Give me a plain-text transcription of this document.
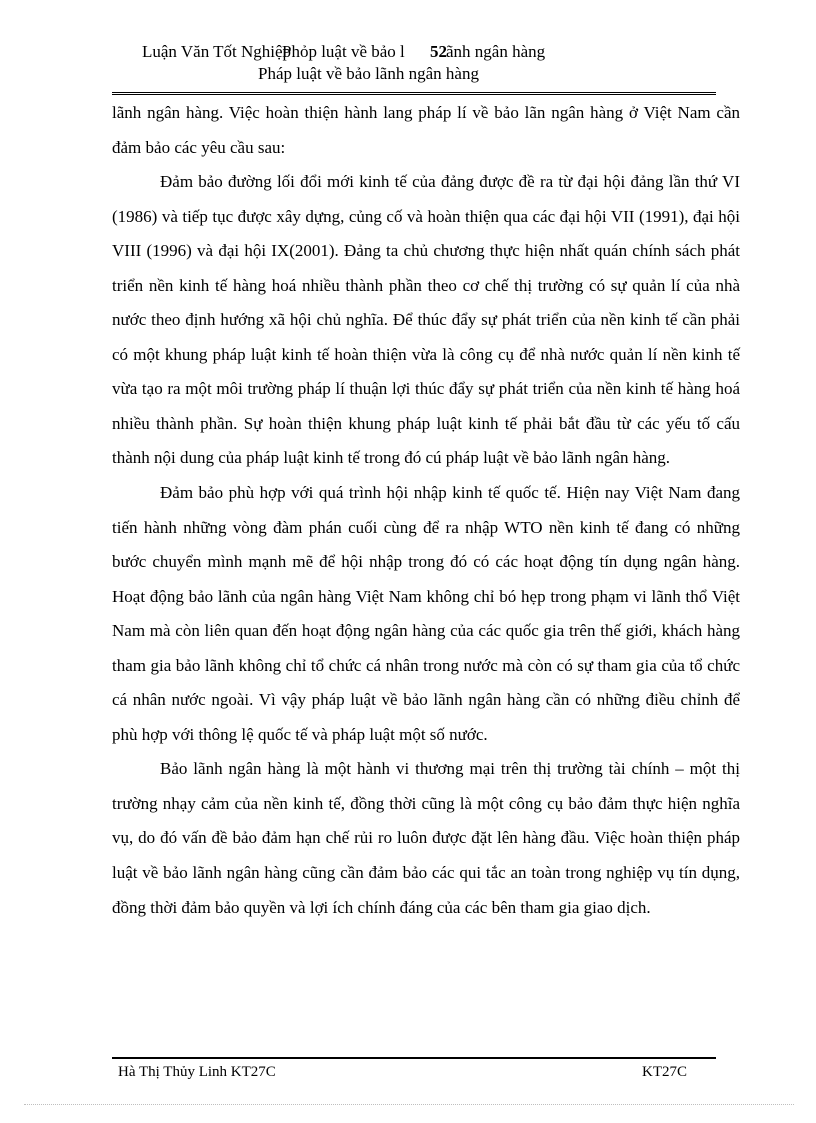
Luận Văn Tốt Nghiệp
Phỏp luật về bảo l 52 ãnh ngân hàng
Pháp luật về bảo lãnh ngân hàng

lãnh ngân hàng. Việc hoàn thiện hành lang pháp lí về bảo lãn ngân hàng ở Việt Nam cần đảm bảo các yêu cầu sau:

Đảm bảo đường lối đổi mới kinh tế của đảng được đề ra từ đại hội đảng lần thứ VI (1986) và tiếp tục được xây dựng, củng cố và hoàn thiện qua các đại hội VII (1991), đại hội VIII (1996) và đại hội IX(2001). Đảng ta chủ chương thực hiện nhất quán chính sách phát triển nền kinh tế hàng hoá nhiều thành phần theo cơ chế thị trường có sự quản lí của nhà nước theo định hướng xã hội chủ nghĩa. Để thúc đẩy sự phát triển của nền kinh tế cần phải có một khung pháp luật kinh tế hoàn thiện vừa là công cụ để nhà nước quản lí nền kinh tế vừa tạo ra một môi trường pháp lí thuận lợi thúc đẩy sự phát triển của nền kinh tế hàng hoá nhiều thành phần. Sự hoàn thiện khung pháp luật kinh tế phải bắt đầu từ các yếu tố cấu thành nội dung của pháp luật kinh tế trong đó cú pháp luật về bảo lãnh ngân hàng.

Đảm bảo phù hợp với quá trình hội nhập kinh tế quốc tế. Hiện nay Việt Nam đang tiến hành những vòng đàm phán cuối cùng để ra nhập WTO nền kinh tế đang có những bước chuyển mình mạnh mẽ để hội nhập trong đó có các hoạt động tín dụng ngân hàng. Hoạt động bảo lãnh của ngân hàng Việt Nam không chỉ bó hẹp trong phạm vi lãnh thổ Việt Nam mà còn liên quan đến hoạt động ngân hàng của các quốc gia trên thế giới, khách hàng tham gia bảo lãnh không chỉ tổ chức cá nhân trong nước mà còn có sự tham gia của tổ chức cá nhân nước ngoài. Vì vậy pháp luật về bảo lãnh ngân hàng cần có những điều chỉnh để phù hợp với thông lệ quốc tế và pháp luật một số nước.

Bảo lãnh ngân hàng là một hành vi thương mại trên thị trường tài chính – một thị trường nhạy cảm của nền kinh tế, đồng thời cũng là một công cụ bảo đảm thực hiện nghĩa vụ, do đó vấn đề bảo đảm hạn chế rủi ro luôn được đặt lên hàng đầu. Việc hoàn thiện pháp luật về bảo lãnh ngân hàng cũng cần đảm bảo các qui tắc an toàn trong nghiệp vụ tín dụng, đồng thời đảm bảo quyền và lợi ích chính đáng của các bên tham gia giao dịch.

Hà Thị Thủy Linh KT27C	KT27C
